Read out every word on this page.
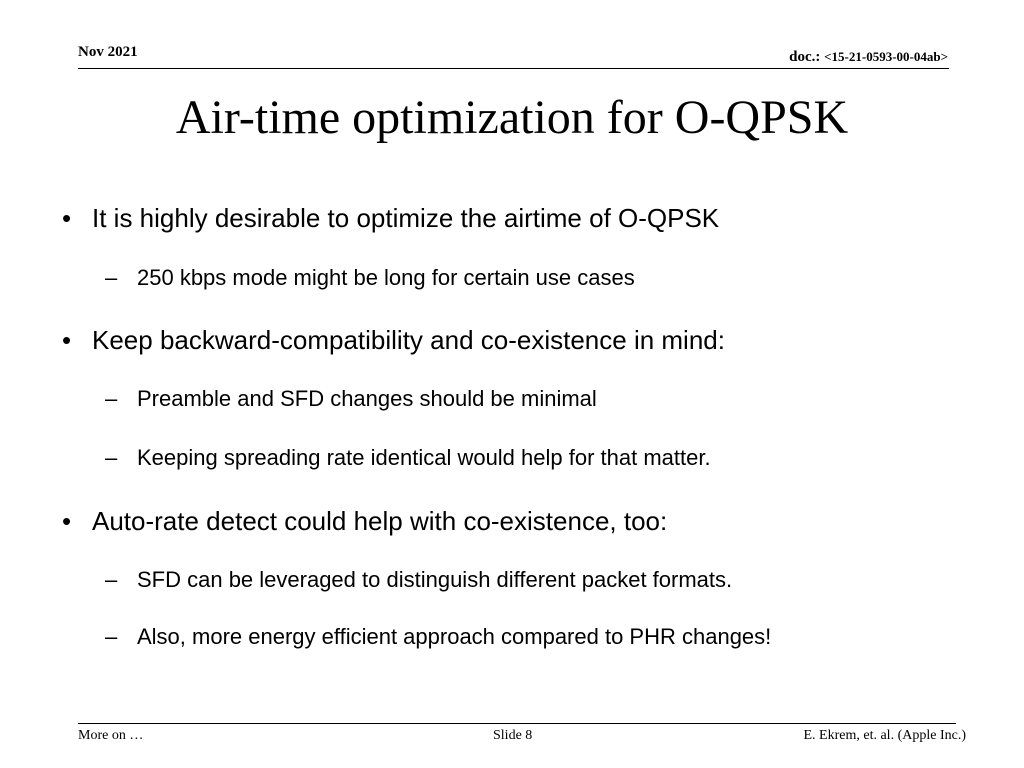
Nov 2021	doc.: <15-21-0593-00-04ab>
Air-time optimization for O-QPSK
• It is highly desirable to optimize the airtime of O-QPSK
– 250 kbps mode might be long for certain use cases
• Keep backward-compatibility and co-existence in mind:
– Preamble and SFD changes should be minimal
– Keeping spreading rate identical would help for that matter.
• Auto-rate detect could help with co-existence, too:
– SFD can be leveraged to distinguish different packet formats.
– Also, more energy efficient approach compared to PHR changes!
More on …	Slide 8	E. Ekrem, et. al. (Apple Inc.)
